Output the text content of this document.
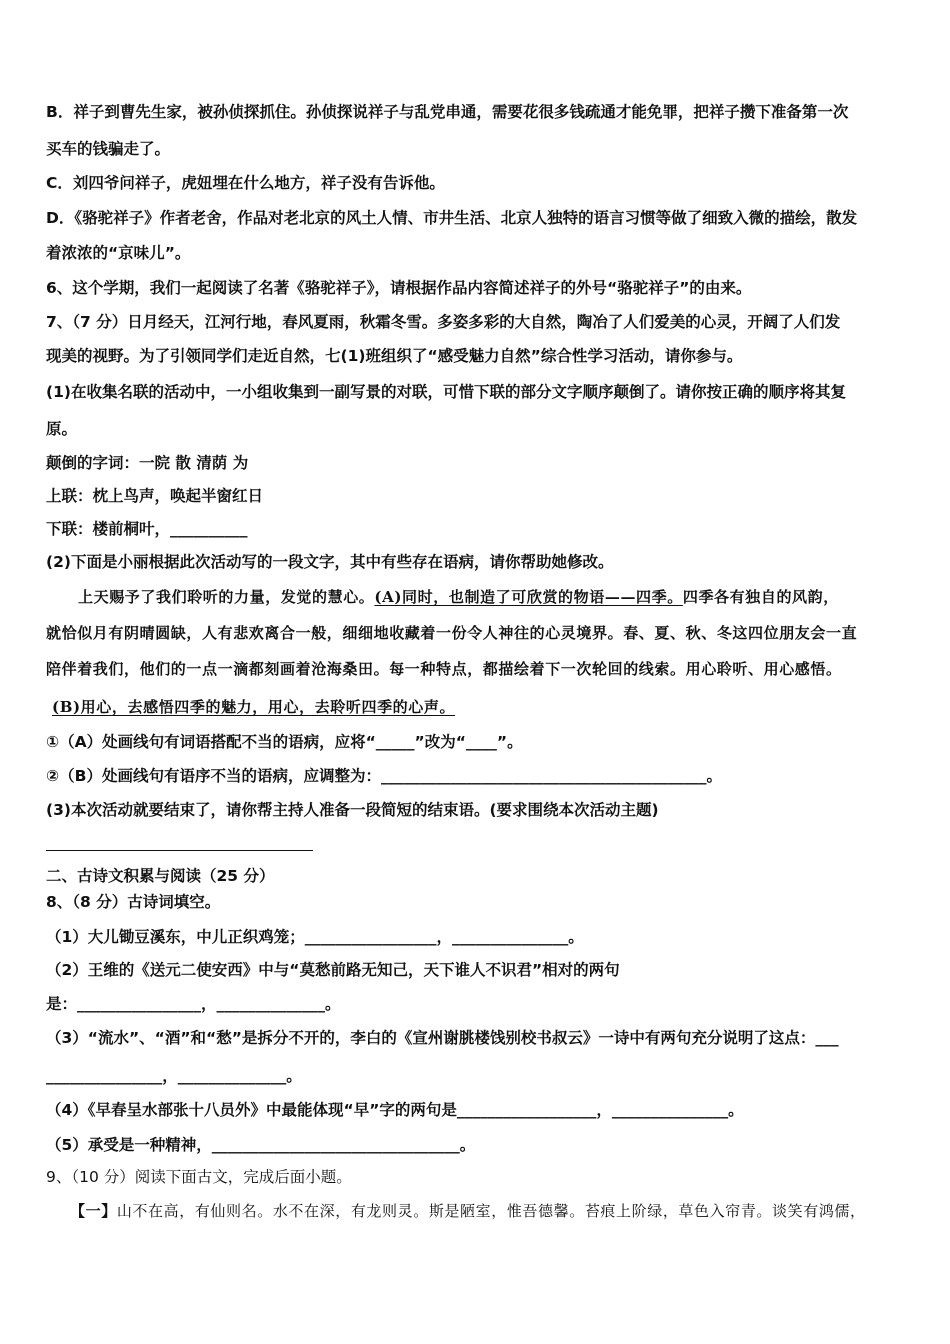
B．祥子到曹先生家，被孙侦探抓住。孙侦探说祥子与乱党串通，需要花很多钱疏通才能免罪，把祥子攒下准备第一次
买车的钱骗走了。
C．刘四爷问祥子，虎妞埋在什么地方，祥子没有告诉他。
D．《骆驼祥子》作者老舍，作品对老北京的风土人情、市井生活、北京人独特的语言习惯等做了细致入微的描绘，散发
着浓浓的“京味儿”。
6、这个学期，我们一起阅读了名著《骆驼祥子》，请根据作品内容简述祥子的外号“骆驼祥子”的由来。
7、（7 分）日月经天，江河行地，春风夏雨，秋霜冬雪。多姿多彩的大自然，陶冶了人们爱美的心灵，开阔了人们发
现美的视野。为了引领同学们走近自然，七(1)班组织了“感受魅力自然”综合性学习活动，请你参与。
(1)在收集名联的活动中，一小组收集到一副写景的对联，可惜下联的部分文字顺序颠倒了。请你按正确的顺序将其复
原。
颠倒的字词：一院 散 清荫 为
上联：枕上鸟声，唤起半窗红日
下联：楼前桐叶，__________
(2)下面是小丽根据此次活动写的一段文字，其中有些存在语病，请你帮助她修改。
上天赐予了我们聆听的力量，发觉的慧心。(A)同时，也制造了可欣赏的物语——四季。四季各有独自的风韵，
就恰似月有阴晴圆缺，人有悲欢离合一般，细细地收藏着一份令人神往的心灵境界。春、夏、秋、冬这四位朋友会一直
陪伴着我们，他们的一点一滴都刻画着沧海桑田。每一种特点，都描绘着下一次轮回的线索。用心聆听、用心感悟。
(B)用心，去感悟四季的魅力，用心，去聆听四季的心声。
①（A）处画线句有词语搭配不当的语病，应将“_____”改为“____”。
②（B）处画线句有语序不当的语病，应调整为：__________________________________________。
(3)本次活动就要结束了，请你帮主持人准备一段简短的结束语。(要求围绕本次活动主题)
二、古诗文积累与阅读（25 分）
8、（8 分）古诗词填空。
（1）大儿锄豆溪东，中儿正织鸡笼；_________________，_______________。
（2）王维的《送元二使安西》中与“莫愁前路无知己，天下谁人不识君”相对的两句
是：________________，______________。
（3）“流水”、“酒”和“愁”是拆分不开的，李白的《宣州谢朓楼饯别校书叔云》一诗中有两句充分说明了这点：___
_______________，______________。
（4）《早春呈水部张十八员外》中最能体现“早”字的两句是__________________，_______________。
（5）承受是一种精神，________________________________。
9、（10 分）阅读下面古文，完成后面小题。
【一】山不在高，有仙则名。水不在深，有龙则灵。斯是陋室，惟吾德馨。苔痕上阶绿，草色入帘青。谈笑有鸿儒，
